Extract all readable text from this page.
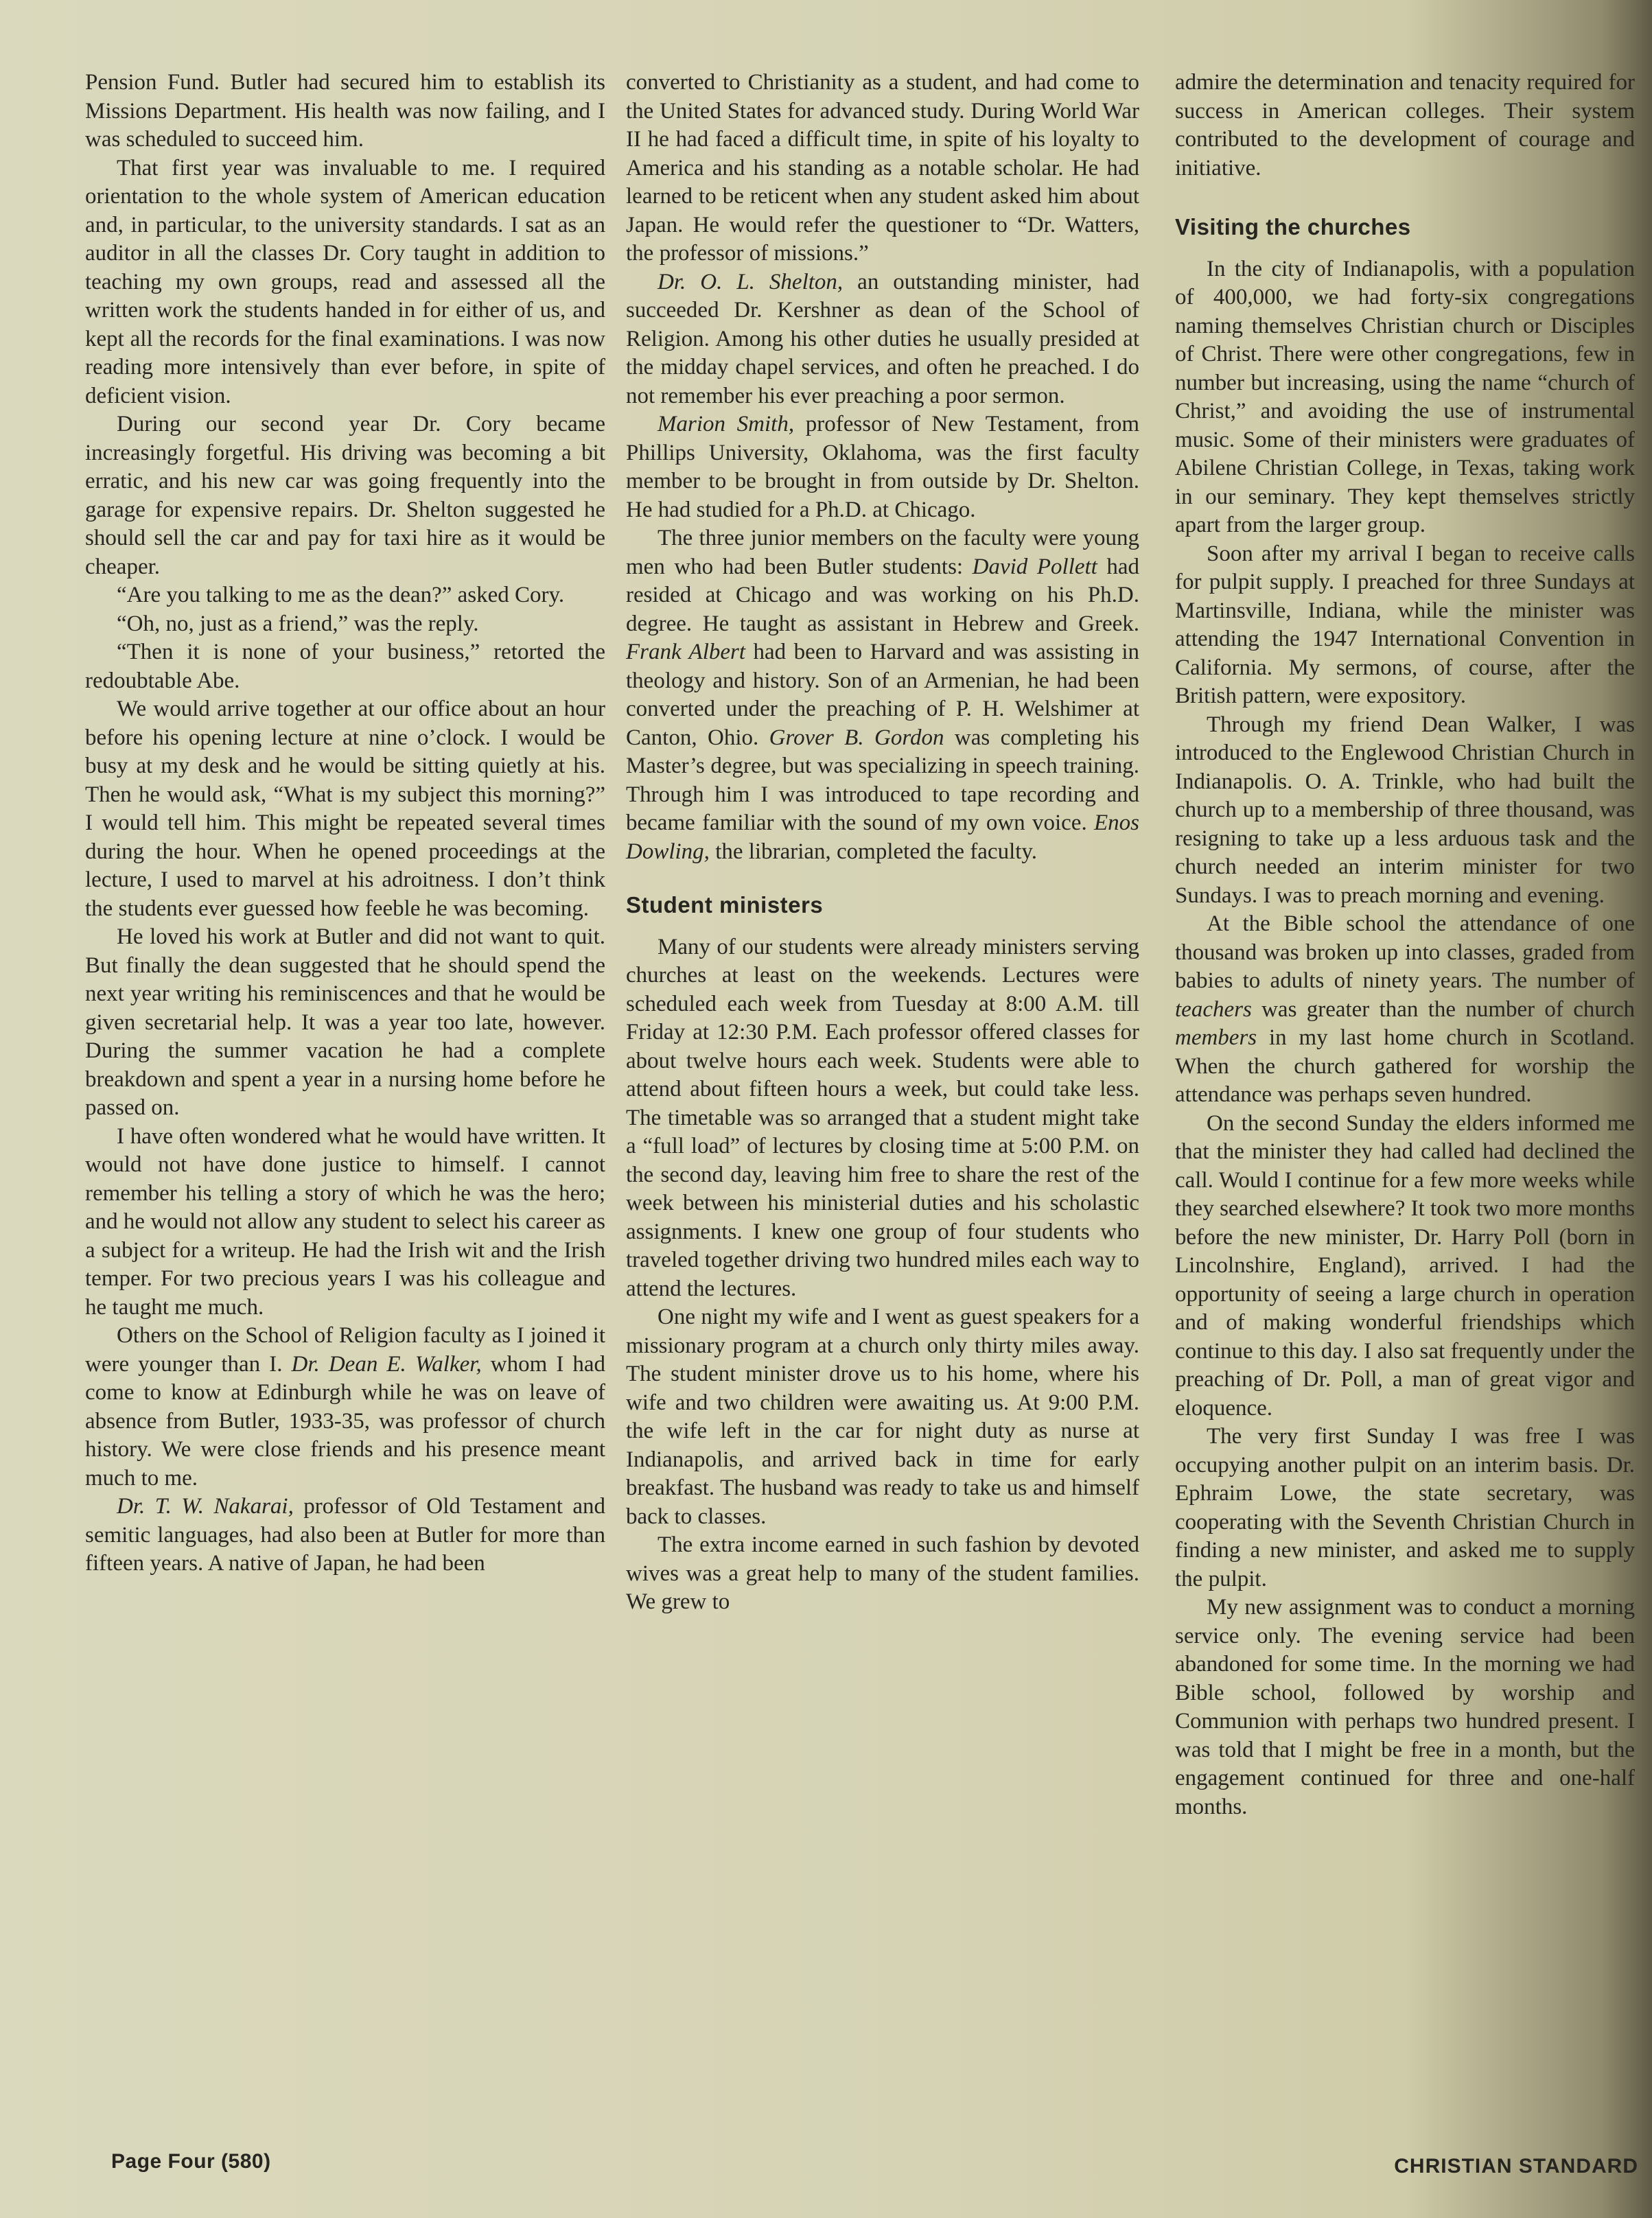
Pension Fund. Butler had secured him to establish its Missions Department. His health was now failing, and I was scheduled to succeed him.

That first year was invaluable to me. I required orientation to the whole system of American education and, in particular, to the university standards. I sat as an auditor in all the classes Dr. Cory taught in addition to teaching my own groups, read and assessed all the written work the students handed in for either of us, and kept all the records for the final examinations. I was now reading more intensively than ever before, in spite of deficient vision.

During our second year Dr. Cory became increasingly forgetful. His driving was becoming a bit erratic, and his new car was going frequently into the garage for expensive repairs. Dr. Shelton suggested he should sell the car and pay for taxi hire as it would be cheaper.

“Are you talking to me as the dean?” asked Cory.

“Oh, no, just as a friend,” was the reply.

“Then it is none of your business,” retorted the redoubtable Abe.

We would arrive together at our office about an hour before his opening lecture at nine o’clock. I would be busy at my desk and he would be sitting quietly at his. Then he would ask, “What is my subject this morning?” I would tell him. This might be repeated several times during the hour. When he opened proceedings at the lecture, I used to marvel at his adroitness. I don’t think the students ever guessed how feeble he was becoming.

He loved his work at Butler and did not want to quit. But finally the dean suggested that he should spend the next year writing his reminiscences and that he would be given secretarial help. It was a year too late, however. During the summer vacation he had a complete breakdown and spent a year in a nursing home before he passed on.

I have often wondered what he would have written. It would not have done justice to himself. I cannot remember his telling a story of which he was the hero; and he would not allow any student to select his career as a subject for a writeup. He had the Irish wit and the Irish temper. For two precious years I was his colleague and he taught me much.

Others on the School of Religion faculty as I joined it were younger than I. Dr. Dean E. Walker, whom I had come to know at Edinburgh while he was on leave of absence from Butler, 1933-35, was professor of church history. We were close friends and his presence meant much to me.

Dr. T. W. Nakarai, professor of Old Testament and semitic languages, had also been at Butler for more than fifteen years. A native of Japan, he had been

converted to Christianity as a student, and had come to the United States for advanced study. During World War II he had faced a difficult time, in spite of his loyalty to America and his standing as a notable scholar. He had learned to be reticent when any student asked him about Japan. He would refer the questioner to “Dr. Watters, the professor of missions.”

Dr. O. L. Shelton, an outstanding minister, had succeeded Dr. Kershner as dean of the School of Religion. Among his other duties he usually presided at the midday chapel services, and often he preached. I do not remember his ever preaching a poor sermon.

Marion Smith, professor of New Testament, from Phillips University, Oklahoma, was the first faculty member to be brought in from outside by Dr. Shelton. He had studied for a Ph.D. at Chicago.

The three junior members on the faculty were young men who had been Butler students: David Pollett had resided at Chicago and was working on his Ph.D. degree. He taught as assistant in Hebrew and Greek. Frank Albert had been to Harvard and was assisting in theology and history. Son of an Armenian, he had been converted under the preaching of P. H. Welshimer at Canton, Ohio. Grover B. Gordon was completing his Master’s degree, but was specializing in speech training. Through him I was introduced to tape recording and became familiar with the sound of my own voice. Enos Dowling, the librarian, completed the faculty.

Student ministers

Many of our students were already ministers serving churches at least on the weekends. Lectures were scheduled each week from Tuesday at 8:00 A.M. till Friday at 12:30 P.M. Each professor offered classes for about twelve hours each week. Students were able to attend about fifteen hours a week, but could take less. The timetable was so arranged that a student might take a “full load” of lectures by closing time at 5:00 P.M. on the second day, leaving him free to share the rest of the week between his ministerial duties and his scholastic assignments. I knew one group of four students who traveled together driving two hundred miles each way to attend the lectures.

One night my wife and I went as guest speakers for a missionary program at a church only thirty miles away. The student minister drove us to his home, where his wife and two children were awaiting us. At 9:00 P.M. the wife left in the car for night duty as nurse at Indianapolis, and arrived back in time for early breakfast. The husband was ready to take us and himself back to classes.

The extra income earned in such fashion by devoted wives was a great help to many of the student families. We grew to

admire the determination and tenacity required for success in American colleges. Their system contributed to the development of courage and initiative.

Visiting the churches

In the city of Indianapolis, with a population of 400,000, we had forty-six congregations naming themselves Christian church or Disciples of Christ. There were other congregations, few in number but increasing, using the name “church of Christ,” and avoiding the use of instrumental music. Some of their ministers were graduates of Abilene Christian College, in Texas, taking work in our seminary. They kept themselves strictly apart from the larger group.

Soon after my arrival I began to receive calls for pulpit supply. I preached for three Sundays at Martinsville, Indiana, while the minister was attending the 1947 International Convention in California. My sermons, of course, after the British pattern, were expository.

Through my friend Dean Walker, I was introduced to the Englewood Christian Church in Indianapolis. O. A. Trinkle, who had built the church up to a membership of three thousand, was resigning to take up a less arduous task and the church needed an interim minister for two Sundays. I was to preach morning and evening.

At the Bible school the attendance of one thousand was broken up into classes, graded from babies to adults of ninety years. The number of teachers was greater than the number of church members in my last home church in Scotland. When the church gathered for worship the attendance was perhaps seven hundred.

On the second Sunday the elders informed me that the minister they had called had declined the call. Would I continue for a few more weeks while they searched elsewhere? It took two more months before the new minister, Dr. Harry Poll (born in Lincolnshire, England), arrived. I had the opportunity of seeing a large church in operation and of making wonderful friendships which continue to this day. I also sat frequently under the preaching of Dr. Poll, a man of great vigor and eloquence.

The very first Sunday I was free I was occupying another pulpit on an interim basis. Dr. Ephraim Lowe, the state secretary, was cooperating with the Seventh Christian Church in finding a new minister, and asked me to supply the pulpit.

My new assignment was to conduct a morning service only. The evening service had been abandoned for some time. In the morning we had Bible school, followed by worship and Communion with perhaps two hundred present. I was told that I might be free in a month, but the engagement continued for three and one-half months.

Page Four (580)	CHRISTIAN STANDARD
